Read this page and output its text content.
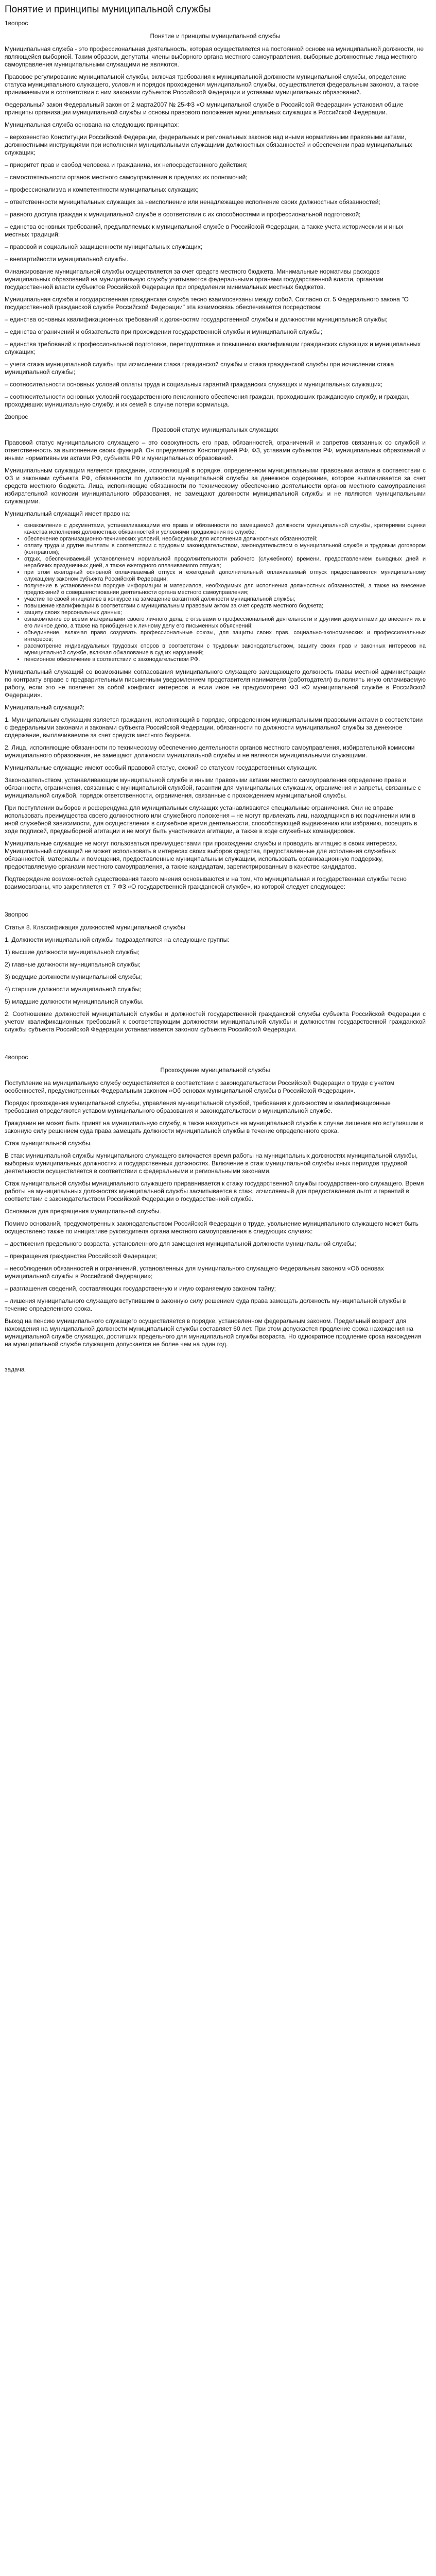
Понятие и принципы муниципальной службы
1вопрос
Понятие и принципы муниципальной службы

Муниципальная служба - это профессиональная деятельность, которая осуществляется на постоянной основе на муниципальной должности, не являющейся выборной. Таким образом, депутаты, члены выборного органа местного самоуправления, выборные должностные лица местного самоуправления муниципальными служащими не являются.

Правовое регулирование муниципальной службы, включая требования к муниципальной должности муниципальной службы, определение статуса муниципального служащего, условия и порядок прохождения муниципальной службы, осуществляется федеральным законом, а также принимаемыми в соответствии с ним законами субъектов Российской Федерации и уставами муниципальных образований.

Федеральный закон Федеральный закон от 2 марта2007 № 25-ФЗ «О муниципальной службе в Российской Федерации» установил общие принципы организации муниципальной службы и основы правового положения муниципальных служащих в Российской Федерации.

Муниципальная служба основана на следующих принципах:

– верховенство Конституции Российской Федерации, федеральных и региональных законов над иными нормативными правовыми актами, должностными инструкциями при исполнении муниципальными служащими должностных обязанностей и обеспечении прав муниципальных служащих;

– приоритет прав и свобод человека и гражданина, их непосредственного действия;

– самостоятельности органов местного самоуправления в пределах их полномочий;

– профессионализма и компетентности муниципальных служащих;

– ответственности муниципальных служащих за неисполнение или ненадлежащее исполнение своих должностных обязанностей;

– равного доступа граждан к муниципальной службе в соответствии с их способностями и профессиональной подготовкой;

– единства основных требований, предъявляемых к муниципальной службе в Российской Федерации, а также учета историческим и иных местных традиций;

– правовой и социальной защищенности муниципальных служащих;

– внепартийности муниципальной службы.

Финансирование муниципальной службы осуществляется за счет средств местного бюджета. Минимальные нормативы расходов муниципальных образований на муниципальную службу учитываются федеральными органами государственной власти, органами государственной власти субъектов Российской Федерации при определении минимальных местных бюджетов.

Муниципальная служба и государственная гражданская служба тесно взаимосвязаны между собой. Согласно ст. 5 Федерального закона "О государственной гражданской службе Российской Федерации" эта взаимосвязь обеспечивается посредством:

– единства основных квалификационных требований к должностям государственной службы и должностям муниципальной службы;

– единства ограничений и обязательств при прохождении государственной службы и муниципальной службы;

– единства требований к профессиональной подготовке, переподготовке и повышению квалификации гражданских служащих и муниципальных служащих;

– учета стажа муниципальной службы при исчислении стажа гражданской службы и стажа гражданской службы при исчислении стажа муниципальной службы;

– соотносительности основных условий оплаты труда и социальных гарантий гражданских служащих и муниципальных служащих;

– соотносительности основных условий государственного пенсионного обеспечения граждан, проходивших гражданскую службу, и граждан, проходивших муниципальную службу, и их семей в случае потери кормильца.

2вопрос
Правовой статус муниципальных служащих

Правовой статус муниципального служащего – это совокупность его прав, обязанностей, ограничений и запретов связанных со службой и ответственность за выполнение своих функций. Он определяется Конституцией РФ, ФЗ, уставами субъектов РФ, муниципальных образований и иными нормативными актами РФ, субъекта РФ и муниципальных образований.

Муниципальным служащим является гражданин, исполняющий в порядке, определенном муниципальными правовыми актами в соответствии с ФЗ и законами субъекта РФ, обязанности по должности муниципальной службы за денежное содержание, которое выплачивается за счет средств местного бюджета. Лица, исполняющие обязанности по техническому обеспечению деятельности органов местного самоуправления избирательной комиссии муниципального образования, не замещают должности муниципальной службы и не являются муниципальными служащими.

Муниципальный служащий имеет право на:

• ознакомление с документами, устанавливающими его права и обязанности по замещаемой должности муниципальной службы, критериями оценки качества исполнения должностных обязанностей и условиями продвижения по службе;
• обеспечение организационно-технических условий, необходимых для исполнения должностных обязанностей;
• оплату труда и другие выплаты в соответствии с трудовым законодательством, законодательством о муниципальной службе и трудовым договором (контрактом);
• отдых, обеспечиваемый установлением нормальной продолжительности рабочего (служебного) времени, предоставлением выходных дней и нерабочих праздничных дней, а также ежегодного оплачиваемого отпуска;
• при этом ежегодный основной оплачиваемый отпуск и ежегодный дополнительный оплачиваемый отпуск предоставляются муниципальному служащему законом субъекта Российской Федерации;
• получение в установленном порядке информации и материалов, необходимых для исполнения должностных обязанностей, а также на внесение предложений о совершенствовании деятельности органа местного самоуправления;
• участие по своей инициативе в конкурсе на замещение вакантной должности муниципальной службы;
• повышение квалификации в соответствии с муниципальным правовым актом за счет средств местного бюджета;
• защиту своих персональных данных;
• ознакомление со всеми материалами своего личного дела, с отзывами о профессиональной деятельности и другими документами до внесения их в его личное дело, а также на приобщение к личному делу его письменных объяснений;
• объединение, включая право создавать профессиональные союзы, для защиты своих прав, социально-экономических и профессиональных интересов;
• рассмотрение индивидуальных трудовых споров в соответствии с трудовым законодательством, защиту своих прав и законных интересов на муниципальной службе, включая обжалование в суд их нарушений;
• пенсионное обеспечение в соответствии с законодательством РФ.

Муниципальный служащий со возможными согласования муниципального служащего замещающего должность главы местной администрации по контракту вправе с предварительным письменным уведомлением представителя нанимателя (работодателя) выполнять иную оплачиваемую работу, если это не повлечет за собой конфликт интересов и если иное не предусмотрено ФЗ «О муниципальной службе в Российской Федерации».

Муниципальный служащий:

1. Муниципальным служащим является гражданин, исполняющий в порядке, определенном муниципальными правовыми актами в соответствии с федеральными законами и законами субъекта Российской Федерации, обязанности по должности муниципальной службы за денежное содержание, выплачиваемое за счет средств местного бюджета.

2. Лица, исполняющие обязанности по техническому обеспечению деятельности органов местного самоуправления, избирательной комиссии муниципального образования, не замещают должности муниципальной службы и не являются муниципальными служащими.

Муниципальные служащие имеют особый правовой статус, схожий со статусом государственных служащих.

Законодательством, устанавливающим муниципальной службе и иными правовыми актами местного самоуправления определено права и обязанности, ограничения, связанные с муниципальной службой, гарантии для муниципальных служащих, ограничения и запреты, связанные с муниципальной службой, порядок ответственности, ограничения, связанные с прохождением муниципальной службы.

При поступлении выборов и референдума для муниципальных служащих устанавливаются специальные ограничения. Они не вправе использовать преимущества своего должностного или служебного положения – не могут привлекать лиц, находящихся в их подчинении или в иной служебной зависимости, для осуществления в служебное время деятельности, способствующей выдвижению или избранию, посещать в ходе подписей, предвыборной агитации и не могут быть участниками агитации, а также в ходе служебных командировок.

Муниципальные служащие не могут пользоваться преимуществами при прохождении службы и проводить агитацию в своих интересах. Муниципальный служащий не может использовать в интересах своих выборов средства, предоставленные для исполнения служебных обязанностей, материалы и помещения, предоставленные муниципальным служащим, использовать организационную поддержку, предоставляемую органами местного самоуправления, а также кандидатам, зарегистрированным в качестве кандидатов.

Подтверждение возможностей существования такого мнения основываются и на том, что муниципальная и государственная службы тесно взаимосвязаны, что закрепляется ст. 7 ФЗ «О государственной гражданской службе», из которой следует следующее:

3вопрос

Статья 8. Классификация должностей муниципальной службы

1. Должности муниципальной службы подразделяются на следующие группы:

1) высшие должности муниципальной службы;

2) главные должности муниципальной службы;

3) ведущие должности муниципальной службы;

4) старшие должности муниципальной службы;

5) младшие должности муниципальной службы.

2. Соотношение должностей муниципальной службы и должностей государственной гражданской службы субъекта Российской Федерации с учетом квалификационных требований к соответствующим должностям муниципальной службы и должностям государственной гражданской службы субъекта Российской Федерации устанавливается законом субъекта Российской Федерации.

4вопрос
Прохождение муниципальной службы

Поступление на муниципальную службу осуществляется в соответствии с законодательством Российской Федерации о труде с учетом особенностей, предусмотренных Федеральным законом «Об основах муниципальной службы в Российской Федерации».

Порядок прохождения муниципальной службы, управления муниципальной службой, требования к должностям и квалификационные требования определяются уставом муниципального образования и законодательством о муниципальной службе.

Гражданин не может быть принят на муниципальную службу, а также находиться на муниципальной службе в случае лишения его вступившим в законную силу решением суда права замещать должности муниципальной службы в течение определенного срока.

Стаж муниципальной службы.

В стаж муниципальной службы муниципального служащего включается время работы на муниципальных должностях муниципальной службы, выборных муниципальных должностях и государственных должностях. Включение в стаж муниципальной службы иных периодов трудовой деятельности осуществляется в соответствии с федеральными и региональными законами.

Стаж муниципальной службы муниципального служащего приравнивается к стажу государственной службы государственного служащего. Время работы на муниципальных должностях муниципальной службы засчитывается в стаж, исчисляемый для предоставления льгот и гарантий в соответствии с законодательством Российской Федерации о государственной службе.

Основания для прекращения муниципальной службы.

Помимо оснований, предусмотренных законодательством Российской Федерации о труде, увольнение муниципального служащего может быть осуществлено также по инициативе руководителя органа местного самоуправления в следующих случаях:

– достижения предельного возраста, установленного для замещения муниципальной должности муниципальной службы;

– прекращения гражданства Российской Федерации;

– несоблюдения обязанностей и ограничений, установленных для муниципального служащего Федеральным законом «Об основах муниципальной службы в Российской Федерации»;

– разглашения сведений, составляющих государственную и иную охраняемую законом тайну;

– лишения муниципального служащего вступившим в законную силу решением суда права замещать должность муниципальной службы в течение определенного срока.

Выход на пенсию муниципального служащего осуществляется в порядке, установленном федеральным законом. Предельный возраст для нахождения на муниципальной должности муниципальной службы составляет 60 лет. При этом допускается продление срока нахождения на муниципальной службе служащих, достигших предельного для муниципальной службы возраста. Но однократное продление срока нахождения на муниципальной службе служащего допускается не более чем на один год.

задача
